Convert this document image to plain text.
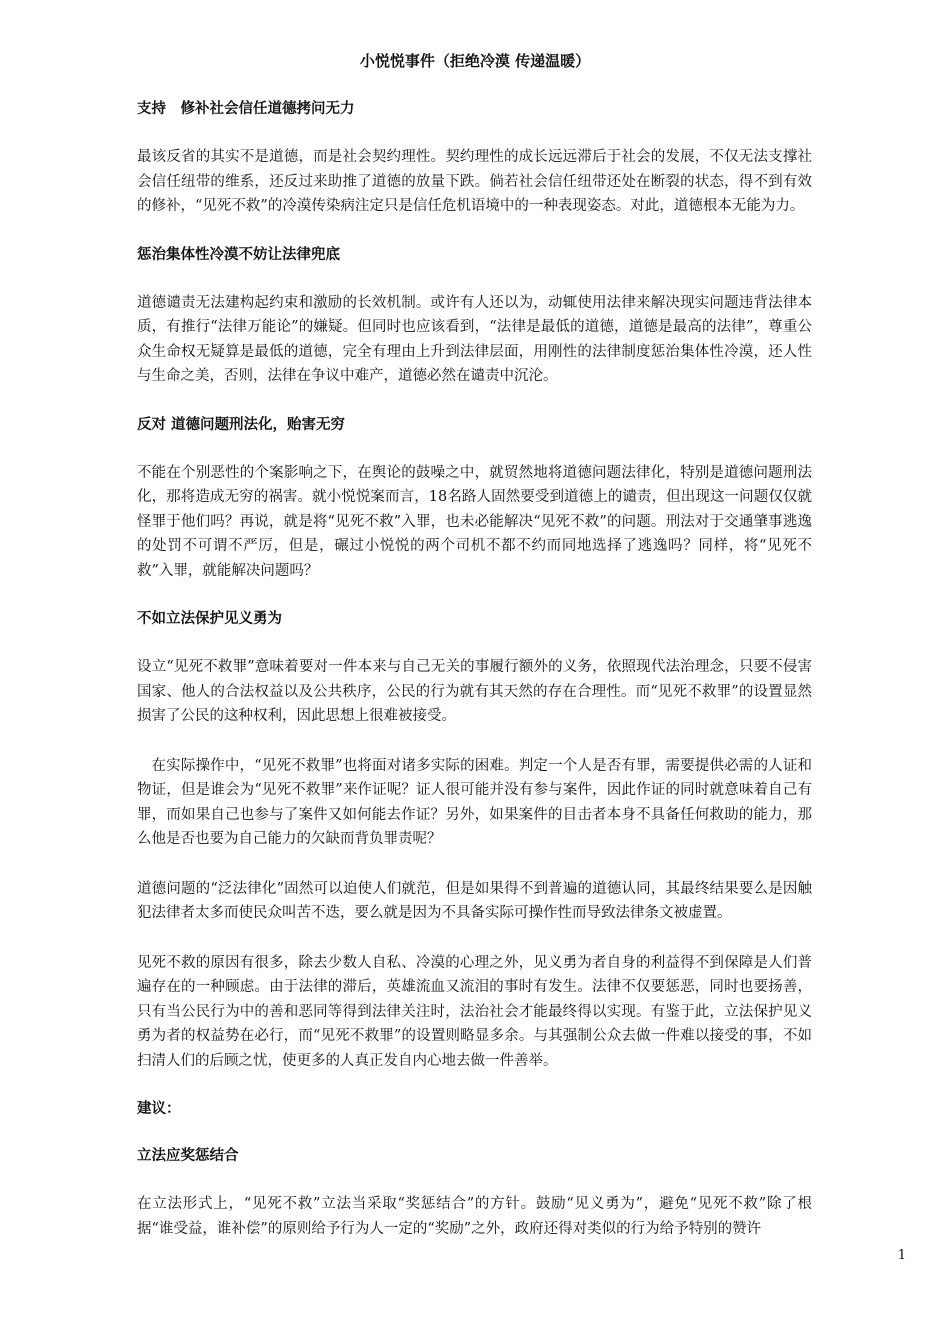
小悦悦事件（拒绝冷漠 传递温暖）
支持　修补社会信任道德拷问无力

最该反省的其实不是道德，而是社会契约理性。契约理性的成长远远滞后于社会的发展，不仅无法支撑社会信任纽带的维系，还反过来助推了道德的放量下跌。倘若社会信任纽带还处在断裂的状态，得不到有效的修补，“见死不救”的冷漠传染病注定只是信任危机语境中的一种表现姿态。对此，道德根本无能为力。

惩治集体性冷漠不妨让法律兜底

道德谴责无法建构起约束和激励的长效机制。或许有人还以为，动辄使用法律来解决现实问题违背法律本质，有推行“法律万能论”的嫌疑。但同时也应该看到，“法律是最低的道德，道德是最高的法律”，尊重公众生命权无疑算是最低的道德，完全有理由上升到法律层面，用刚性的法律制度惩治集体性冷漠，还人性与生命之美，否则，法律在争议中难产，道德必然在谴责中沉沦。

反对 道德问题刑法化，贻害无穷

不能在个别恶性的个案影响之下，在舆论的鼓噪之中，就贸然地将道德问题法律化，特别是道德问题刑法化，那将造成无穷的祸害。就小悦悦案而言，18名路人固然要受到道德上的谴责，但出现这一问题仅仅就怪罪于他们吗？再说，就是将“见死不救”入罪，也未必能解决“见死不救”的问题。刑法对于交通肇事逃逸的处罚不可谓不严厉，但是，碾过小悦悦的两个司机不都不约而同地选择了逃逸吗？同样，将“见死不救”入罪，就能解决问题吗？

不如立法保护见义勇为

设立“见死不救罪”意味着要对一件本来与自己无关的事履行额外的义务，依照现代法治理念，只要不侵害国家、他人的合法权益以及公共秩序，公民的行为就有其天然的存在合理性。而“见死不救罪”的设置显然损害了公民的这种权利，因此思想上很难被接受。

在实际操作中，“见死不救罪”也将面对诸多实际的困难。判定一个人是否有罪，需要提供必需的人证和物证，但是谁会为“见死不救罪”来作证呢？证人很可能并没有参与案件，因此作证的同时就意味着自己有罪，而如果自己也参与了案件又如何能去作证？另外，如果案件的目击者本身不具备任何救助的能力，那么他是否也要为自己能力的欠缺而背负罪责呢？

道德问题的“泛法律化”固然可以迫使人们就范，但是如果得不到普遍的道德认同，其最终结果要么是因触犯法律者太多而使民众叫苦不迭，要么就是因为不具备实际可操作性而导致法律条文被虚置。

见死不救的原因有很多，除去少数人自私、冷漠的心理之外，见义勇为者自身的利益得不到保障是人们普遍存在的一种顾虑。由于法律的滞后，英雄流血又流泪的事时有发生。法律不仅要惩恶，同时也要扬善，只有当公民行为中的善和恶同等得到法律关注时，法治社会才能最终得以实现。有鉴于此，立法保护见义勇为者的权益势在必行，而“见死不救罪”的设置则略显多余。与其强制公众去做一件难以接受的事，不如扫清人们的后顾之忧，使更多的人真正发自内心地去做一件善举。

建议：
立法应奖惩结合

在立法形式上，“见死不救”立法当采取“奖惩结合”的方针。鼓励“见义勇为”，避免“见死不救”除了根据“谁受益，谁补偿”的原则给予行为人一定的“奖励”之外，政府还得对类似的行为给予特别的赞许

1
